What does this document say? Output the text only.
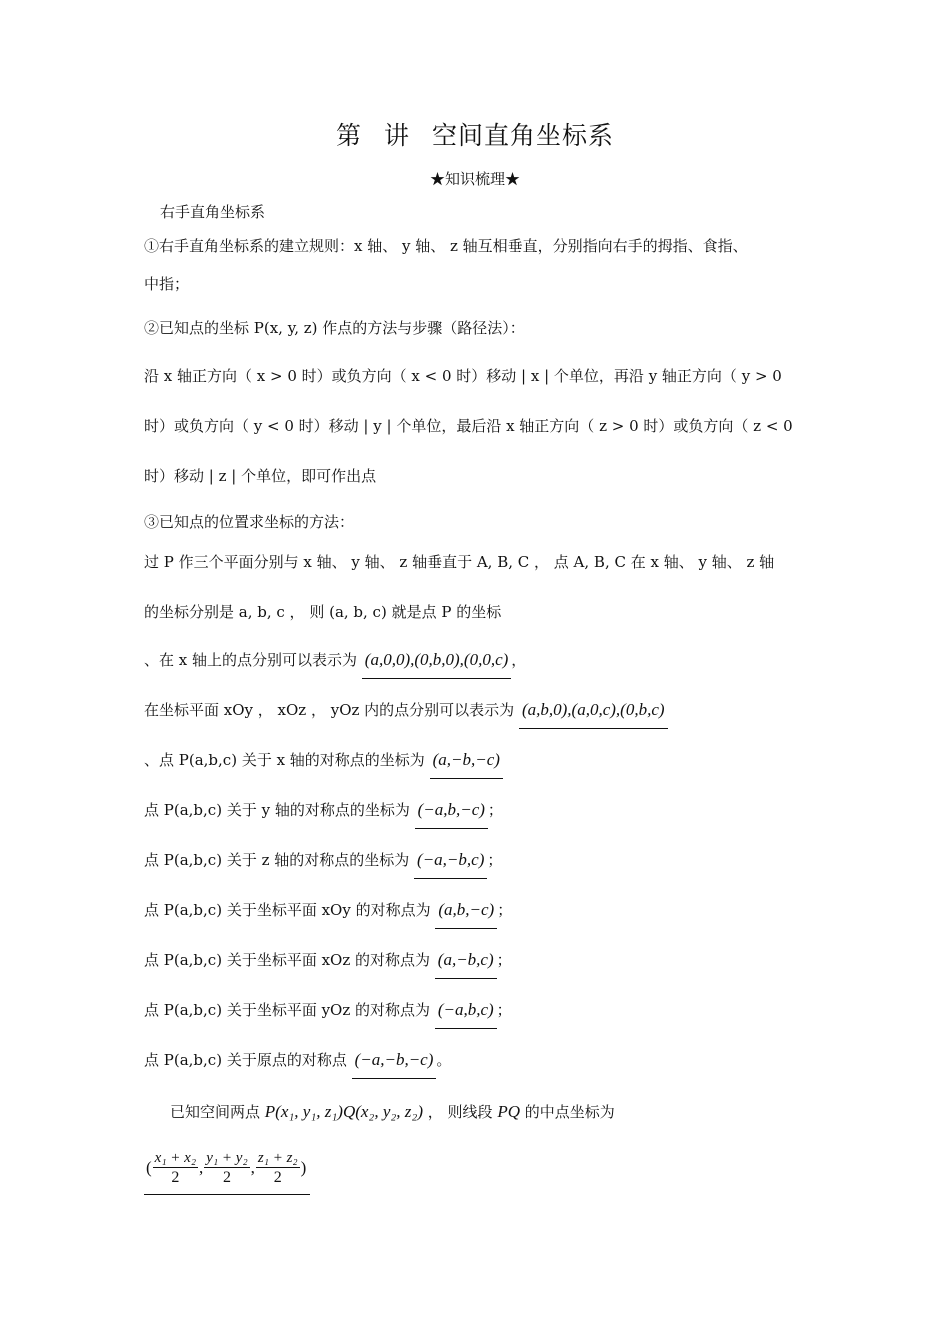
第 讲 空间直角坐标系
★知识梳理★
右手直角坐标系
①右手直角坐标系的建立规则：x 轴、 y 轴、 z 轴互相垂直，分别指向右手的拇指、食指、
中指；
②已知点的坐标 P(x, y, z) 作点的方法与步骤（路径法）：
沿 x 轴正方向（ x > 0 时）或负方向（ x < 0 时）移动 | x | 个单位，再沿 y 轴正方向（ y > 0
时）或负方向（ y < 0 时）移动 | y | 个单位，最后沿 x 轴正方向（ z > 0 时）或负方向（ z < 0
时）移动 | z | 个单位，即可作出点
③已知点的位置求坐标的方法：
过 P 作三个平面分别与 x 轴、 y 轴、 z 轴垂直于 A, B, C ， 点 A, B, C 在 x 轴、 y 轴、 z 轴
的坐标分别是 a, b, c ， 则 (a, b, c) 就是点 P 的坐标
、在 x 轴上的点分别可以表示为 (a,0,0),(0,b,0),(0,0,c) ，
在坐标平面 xOy ， xOz ， yOz 内的点分别可以表示为 (a,b,0),(a,0,c),(0,b,c)
、点 P(a,b,c) 关于 x 轴的对称点的坐标为 (a,−b,−c)
点 P(a,b,c) 关于 y 轴的对称点的坐标为 (−a,b,−c) ；
点 P(a,b,c) 关于 z 轴的对称点的坐标为 (−a,−b,c) ；
点 P(a,b,c) 关于坐标平面 xOy 的对称点为 (a,b,−c) ；
点 P(a,b,c) 关于坐标平面 xOz 的对称点为 (a,−b,c) ；
点 P(a,b,c) 关于坐标平面 yOz 的对称点为 (−a,b,c) ；
点 P(a,b,c) 关于原点的对称点 (−a,−b,−c) 。
已知空间两点 P(x₁, y₁, z₁)Q(x₂, y₂, z₂) ， 则线段 PQ 的中点坐标为
( $\frac{\text{x₁ + x₂}}{2}$ , $\frac{\text{y₁ + y₂}}{2}$ , $\frac{\text{z₁ + z₂}}{2}$ )
